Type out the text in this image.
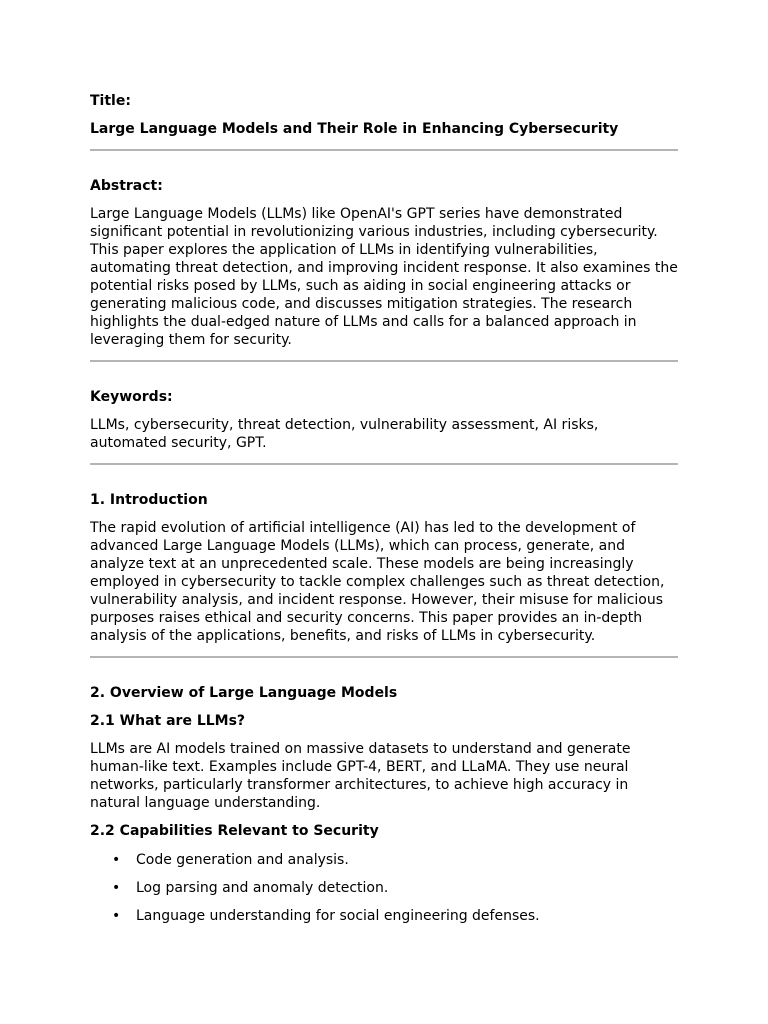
Title:

Large Language Models and Their Role in Enhancing Cybersecurity

Abstract:

Large Language Models (LLMs) like OpenAI's GPT series have demonstrated significant potential in revolutionizing various industries, including cybersecurity. This paper explores the application of LLMs in identifying vulnerabilities, automating threat detection, and improving incident response. It also examines the potential risks posed by LLMs, such as aiding in social engineering attacks or generating malicious code, and discusses mitigation strategies. The research highlights the dual-edged nature of LLMs and calls for a balanced approach in leveraging them for security.

Keywords:

LLMs, cybersecurity, threat detection, vulnerability assessment, AI risks, automated security, GPT.

1. Introduction

The rapid evolution of artificial intelligence (AI) has led to the development of advanced Large Language Models (LLMs), which can process, generate, and analyze text at an unprecedented scale. These models are being increasingly employed in cybersecurity to tackle complex challenges such as threat detection, vulnerability analysis, and incident response. However, their misuse for malicious purposes raises ethical and security concerns. This paper provides an in-depth analysis of the applications, benefits, and risks of LLMs in cybersecurity.

2. Overview of Large Language Models

2.1 What are LLMs?

LLMs are AI models trained on massive datasets to understand and generate human-like text. Examples include GPT-4, BERT, and LLaMA. They use neural networks, particularly transformer architectures, to achieve high accuracy in natural language understanding.

2.2 Capabilities Relevant to Security

• Code generation and analysis.
• Log parsing and anomaly detection.
• Language understanding for social engineering defenses.
